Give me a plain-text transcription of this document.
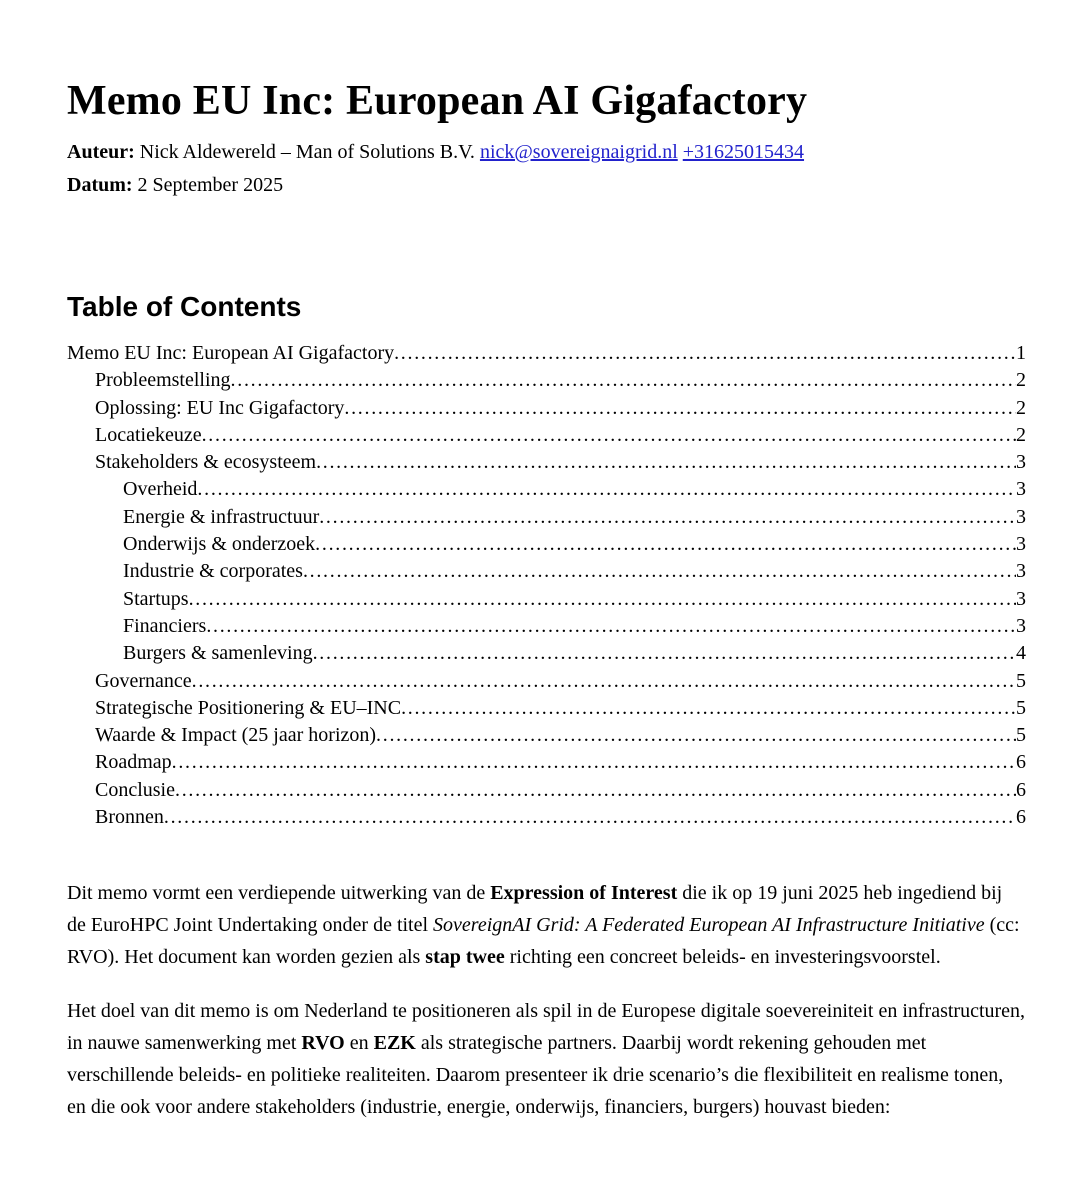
Memo EU Inc: European AI Gigafactory

Auteur: Nick Aldewereld – Man of Solutions B.V. nick@sovereignaigrid.nl +31625015434

Datum: 2 September 2025

Table of Contents
Memo EU Inc: European AI Gigafactory .....	1
Probleemstelling .....	2
Oplossing: EU Inc Gigafactory .....	2
Locatiekeuze .....	2
Stakeholders & ecosysteem .....	3
Overheid .....	3
Energie & infrastructuur .....	3
Onderwijs & onderzoek .....	3
Industrie & corporates .....	3
Startups .....	3
Financiers .....	3
Burgers & samenleving .....	4
Governance .....	5
Strategische Positionering & EU–INC .....	5
Waarde & Impact (25 jaar horizon) .....	5
Roadmap .....	6
Conclusie .....	6
Bronnen .....	6

Dit memo vormt een verdiepende uitwerking van de Expression of Interest die ik op 19 juni 2025 heb ingediend bij de EuroHPC Joint Undertaking onder de titel SovereignAI Grid: A Federated European AI Infrastructure Initiative (cc: RVO). Het document kan worden gezien als stap twee richting een concreet beleids- en investeringsvoorstel.

Het doel van dit memo is om Nederland te positioneren als spil in de Europese digitale soevereiniteit en infrastructuren, in nauwe samenwerking met RVO en EZK als strategische partners. Daarbij wordt rekening gehouden met verschillende beleids- en politieke realiteiten. Daarom presenteer ik drie scenario’s die flexibiliteit en realisme tonen, en die ook voor andere stakeholders (industrie, energie, onderwijs, financiers, burgers) houvast bieden:
